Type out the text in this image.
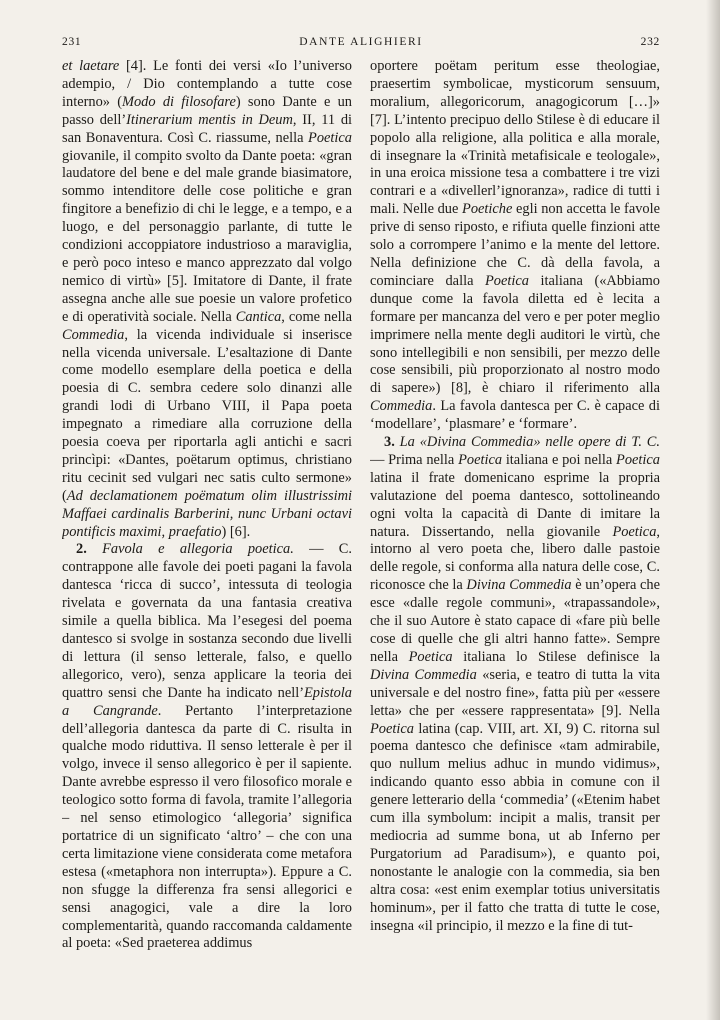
231	DANTE ALIGHIERI	232

et laetare [4]. Le fonti dei versi «Io l’universo adempio, / Dio contemplando a tutte cose interno» (Modo di filosofare) sono Dante e un passo dell’Itinerarium mentis in Deum, II, 11 di san Bonaventura. Così C. riassume, nella Poetica giovanile, il compito svolto da Dante poeta: «gran laudatore del bene e del male grande biasimatore, sommo intenditore delle cose politiche e gran fingitore a benefizio di chi le legge, e a tempo, e a luogo, e del personaggio parlante, di tutte le condizioni accoppiatore industrioso a maraviglia, e però poco inteso e manco apprezzato dal volgo nemico di virtù» [5]. Imitatore di Dante, il frate assegna anche alle sue poesie un valore profetico e di operatività sociale. Nella Cantica, come nella Commedia, la vicenda individuale si inserisce nella vicenda universale. L’esaltazione di Dante come modello esemplare della poetica e della poesia di C. sembra cedere solo dinanzi alle grandi lodi di Urbano VIII, il Papa poeta impegnato a rimediare alla corruzione della poesia coeva per riportarla agli antichi e sacri princìpi: «Dantes, poëtarum optimus, christiano ritu cecinit sed vulgari nec satis culto sermone» (Ad declamationem poëmatum olim illustrissimi Maffaei cardinalis Barberini, nunc Urbani octavi pontificis maximi, praefatio) [6].

2. Favola e allegoria poetica. — C. contrappone alle favole dei poeti pagani la favola dantesca ‘ricca di succo’, intessuta di teologia rivelata e governata da una fantasia creativa simile a quella biblica. Ma l’esegesi del poema dantesco si svolge in sostanza secondo due livelli di lettura (il senso letterale, falso, e quello allegorico, vero), senza applicare la teoria dei quattro sensi che Dante ha indicato nell’Epistola a Cangrande. Pertanto l’interpretazione dell’allegoria dantesca da parte di C. risulta in qualche modo riduttiva. Il senso letterale è per il volgo, invece il senso allegorico è per il sapiente. Dante avrebbe espresso il vero filosofico morale e teologico sotto forma di favola, tramite l’allegoria – nel senso etimologico ‘allegoria’ significa portatrice di un significato ‘altro’ – che con una certa limitazione viene considerata come metafora estesa («metaphora non interrupta»). Eppure a C. non sfugge la differenza fra sensi allegorici e sensi anagogici, vale a dire la loro complementarità, quando raccomanda caldamente al poeta: «Sed praeterea addimus

oportere poëtam peritum esse theologiae, praesertim symbolicae, mysticorum sensuum, moralium, allegoricorum, anagogicorum […]» [7]. L’intento precipuo dello Stilese è di educare il popolo alla religione, alla politica e alla morale, di insegnare la «Trinità metafisicale e teologale», in una eroica missione tesa a combattere i tre vizi contrari e a «divellerl’ignoranza», radice di tutti i mali. Nelle due Poetiche egli non accetta le favole prive di senso riposto, e rifiuta quelle finzioni atte solo a corrompere l’animo e la mente del lettore. Nella definizione che C. dà della favola, a cominciare dalla Poetica italiana («Abbiamo dunque come la favola diletta ed è lecita a formare per mancanza del vero e per poter meglio imprimere nella mente degli auditori le virtù, che sono intellegibili e non sensibili, per mezzo delle cose sensibili, più proporzionato al nostro modo di sapere») [8], è chiaro il riferimento alla Commedia. La favola dantesca per C. è capace di ‘modellare’, ‘plasmare’ e ‘formare’.

3. La «Divina Commedia» nelle opere di T. C. — Prima nella Poetica italiana e poi nella Poetica latina il frate domenicano esprime la propria valutazione del poema dantesco, sottolineando ogni volta la capacità di Dante di imitare la natura. Dissertando, nella giovanile Poetica, intorno al vero poeta che, libero dalle pastoie delle regole, si conforma alla natura delle cose, C. riconosce che la Divina Commedia è un’opera che esce «dalle regole communi», «trapassandole», che il suo Autore è stato capace di «fare più belle cose di quelle che gli altri hanno fatte». Sempre nella Poetica italiana lo Stilese definisce la Divina Commedia «seria, e teatro di tutta la vita universale e del nostro fine», fatta più per «essere letta» che per «essere rappresentata» [9]. Nella Poetica latina (cap. VIII, art. XI, 9) C. ritorna sul poema dantesco che definisce «tam admirabile, quo nullum melius adhuc in mundo vidimus», indicando quanto esso abbia in comune con il genere letterario della ‘commedia’ («Etenim habet cum illa symbolum: incipit a malis, transit per mediocria ad summe bona, ut ab Inferno per Purgatorium ad Paradisum»), e quanto poi, nonostante le analogie con la commedia, sia ben altra cosa: «est enim exemplar totius universitatis hominum», per il fatto che tratta di tutte le cose, insegna «il principio, il mezzo e la fine di tut-
